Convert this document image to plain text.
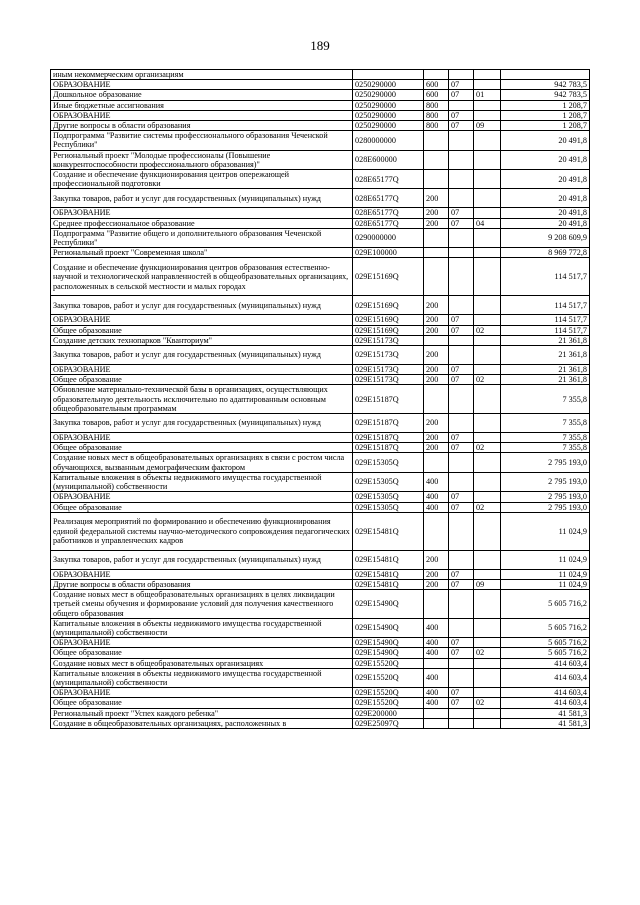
189
иным некоммерческим организациям					
ОБРАЗОВАНИЕ	0250290000	600	07		942 783,5
Дошкольное образование	0250290000	600	07	01	942 783,5
Иные бюджетные ассигнования	0250290000	800			1 208,7
ОБРАЗОВАНИЕ	0250290000	800	07		1 208,7
Другие вопросы в области образования	0250290000	800	07	09	1 208,7
Подпрограмма "Развитие системы профессионального образования Чеченской Республики"	0280000000				20 491,8
Региональный проект "Молодые профессионалы (Повышение конкурентоспособности профессионального образования)"	028E600000				20 491,8
Создание и обеспечение функционирования центров опережающей профессиональной подготовки	028E65177Q				20 491,8
Закупка товаров, работ и услуг для государственных (муниципальных) нужд	028E65177Q	200			20 491,8
ОБРАЗОВАНИЕ	028E65177Q	200	07		20 491,8
Среднее профессиональное образование	028E65177Q	200	07	04	20 491,8
Подпрограмма "Развитие общего и дополнительного образования Чеченской Республики"	0290000000				9 208 609,9
Региональный проект "Современная школа"	029E100000				8 969 772,8
Создание и обеспечение функционирования центров образования естественно-научной и технологической направленностей в общеобразовательных организациях, расположенных в сельской местности и малых городах	029E15169Q				114 517,7
Закупка товаров, работ и услуг для государственных (муниципальных) нужд	029E15169Q	200			114 517,7
ОБРАЗОВАНИЕ	029E15169Q	200	07		114 517,7
Общее образование	029E15169Q	200	07	02	114 517,7
Создание детских технопарков "Кванториум"	029E15173Q				21 361,8
Закупка товаров, работ и услуг для государственных (муниципальных) нужд	029E15173Q	200			21 361,8
ОБРАЗОВАНИЕ	029E15173Q	200	07		21 361,8
Общее образование	029E15173Q	200	07	02	21 361,8
Обновление материально-технической базы в организациях, осуществляющих образовательную деятельность исключительно по адаптированным основным общеобразовательным программам	029E15187Q				7 355,8
Закупка товаров, работ и услуг для государственных (муниципальных) нужд	029E15187Q	200			7 355,8
ОБРАЗОВАНИЕ	029E15187Q	200	07		7 355,8
Общее образование	029E15187Q	200	07	02	7 355,8
Создание новых мест в общеобразовательных организациях в связи с ростом числа обучающихся, вызванным демографическим фактором	029E15305Q				2 795 193,0
Капитальные вложения в объекты недвижимого имущества государственной (муниципальной) собственности	029E15305Q	400			2 795 193,0
ОБРАЗОВАНИЕ	029E15305Q	400	07		2 795 193,0
Общее образование	029E15305Q	400	07	02	2 795 193,0
Реализация мероприятий по формированию и обеспечению функционирования единой федеральной системы научно-методического сопровождения педагогических работников и управленческих кадров	029E15481Q				11 024,9
Закупка товаров, работ и услуг для государственных (муниципальных) нужд	029E15481Q	200			11 024,9
ОБРАЗОВАНИЕ	029E15481Q	200	07		11 024,9
Другие вопросы в области образования	029E15481Q	200	07	09	11 024,9
Создание новых мест в общеобразовательных организациях в целях ликвидации третьей смены обучения и формирование условий для получения качественного общего образования	029E15490Q				5 605 716,2
Капитальные вложения в объекты недвижимого имущества государственной (муниципальной) собственности	029E15490Q	400			5 605 716,2
ОБРАЗОВАНИЕ	029E15490Q	400	07		5 605 716,2
Общее образование	029E15490Q	400	07	02	5 605 716,2
Создание новых мест в общеобразовательных организациях	029E15520Q				414 603,4
Капитальные вложения в объекты недвижимого имущества государственной (муниципальной) собственности	029E15520Q	400			414 603,4
ОБРАЗОВАНИЕ	029E15520Q	400	07		414 603,4
Общее образование	029E15520Q	400	07	02	414 603,4
Региональный проект "Успех каждого ребенка"	029E200000				41 581,3
Создание в общеобразовательных организациях, расположенных в	029E25097Q				41 581,3
